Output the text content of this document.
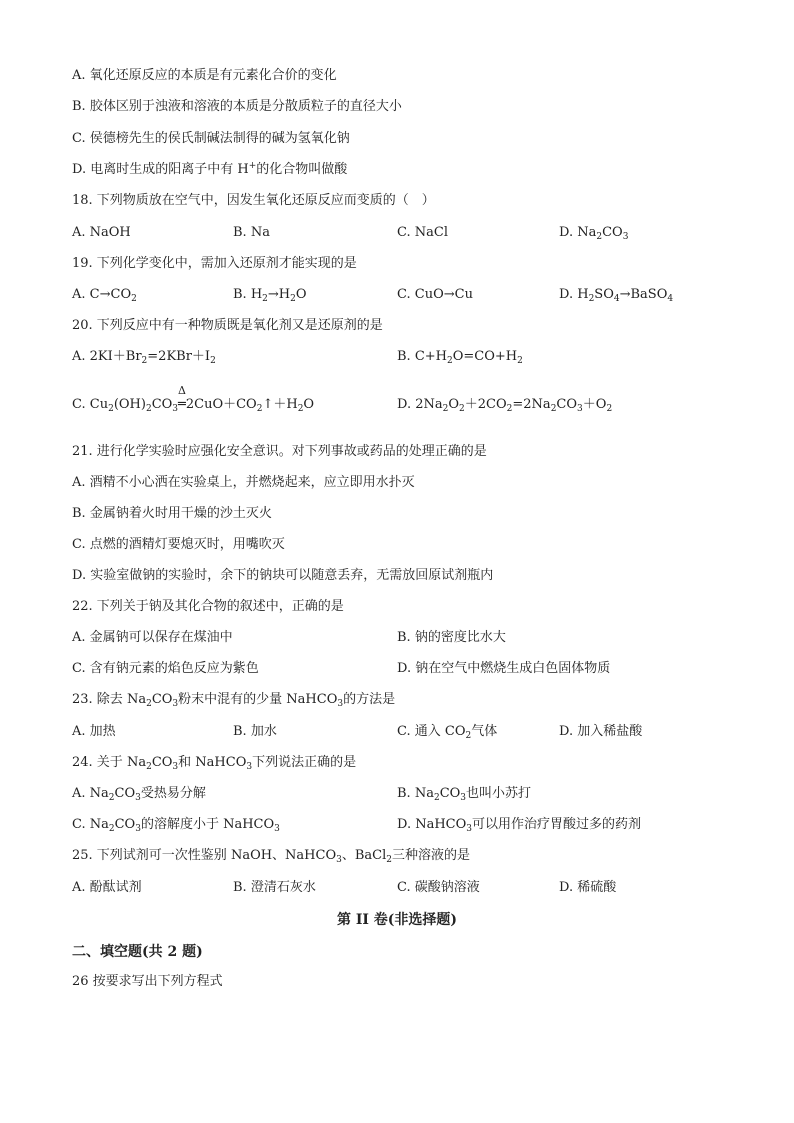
A. 氧化还原反应的本质是有元素化合价的变化
B. 胶体区别于浊液和溶液的本质是分散质粒子的直径大小
C. 侯德榜先生的侯氏制碱法制得的碱为氢氧化钠
D. 电离时生成的阳离子中有 H+的化合物叫做酸
18. 下列物质放在空气中，因发生氧化还原反应而变质的（　）
A. NaOH	B. Na	C. NaCl	D. $Na_2CO_3$
19. 下列化学变化中，需加入还原剂才能实现的是
A. $C\to CO_2$	B. $H_2\to H_2O$	C. CuO→Cu	D. $H_2SO_4\to BaSO_4$
20. 下列反应中有一种物质既是氧化剂又是还原剂的是
A. $2KI+Br_2=2KBr+I_2$	B. $C+H_2O=CO+H_2$
C. $Cu_2(OH)_2CO_3$
Δ
$═2CuO+CO_2↑+H_2O$	D. $2Na_2O_2+2CO_2=2Na_2CO_3+O_2$
21. 进行化学实验时应强化安全意识。对下列事故或药品的处理正确的是
A. 酒精不小心洒在实验桌上，并燃烧起来，应立即用水扑灭
B. 金属钠着火时用干燥的沙土灭火
C. 点燃的酒精灯要熄灭时，用嘴吹灭
D. 实验室做钠的实验时，余下的钠块可以随意丢弃，无需放回原试剂瓶内
22. 下列关于钠及其化合物的叙述中，正确的是
A. 金属钠可以保存在煤油中	B. 钠的密度比水大
C. 含有钠元素的焰色反应为紫色	D. 钠在空气中燃烧生成白色固体物质
23. 除去 $Na_2CO_3$粉末中混有的少量 NaHCO$_3$的方法是
A. 加热	B. 加水	C. 通入 $CO_2$气体	D. 加入稀盐酸
24. 关于 $Na_2CO_3$和 NaHCO$_3$下列说法正确的是
A. $Na_2CO_3$受热易分解	B. $Na_2CO_3$也叫小苏打
C. $Na_2CO_3$的溶解度小于 NaHCO$_3$	D. NaHCO$_3$可以用作治疗胃酸过多的药剂
25. 下列试剂可一次性鉴别 NaOH、NaHCO$_3$、BaCl$_2$三种溶液的是
A. 酚酞试剂	B. 澄清石灰水	C. 碳酸钠溶液	D. 稀硫酸
第 II 卷(非选择题)
二、填空题(共 2 题)
26 按要求写出下列方程式
